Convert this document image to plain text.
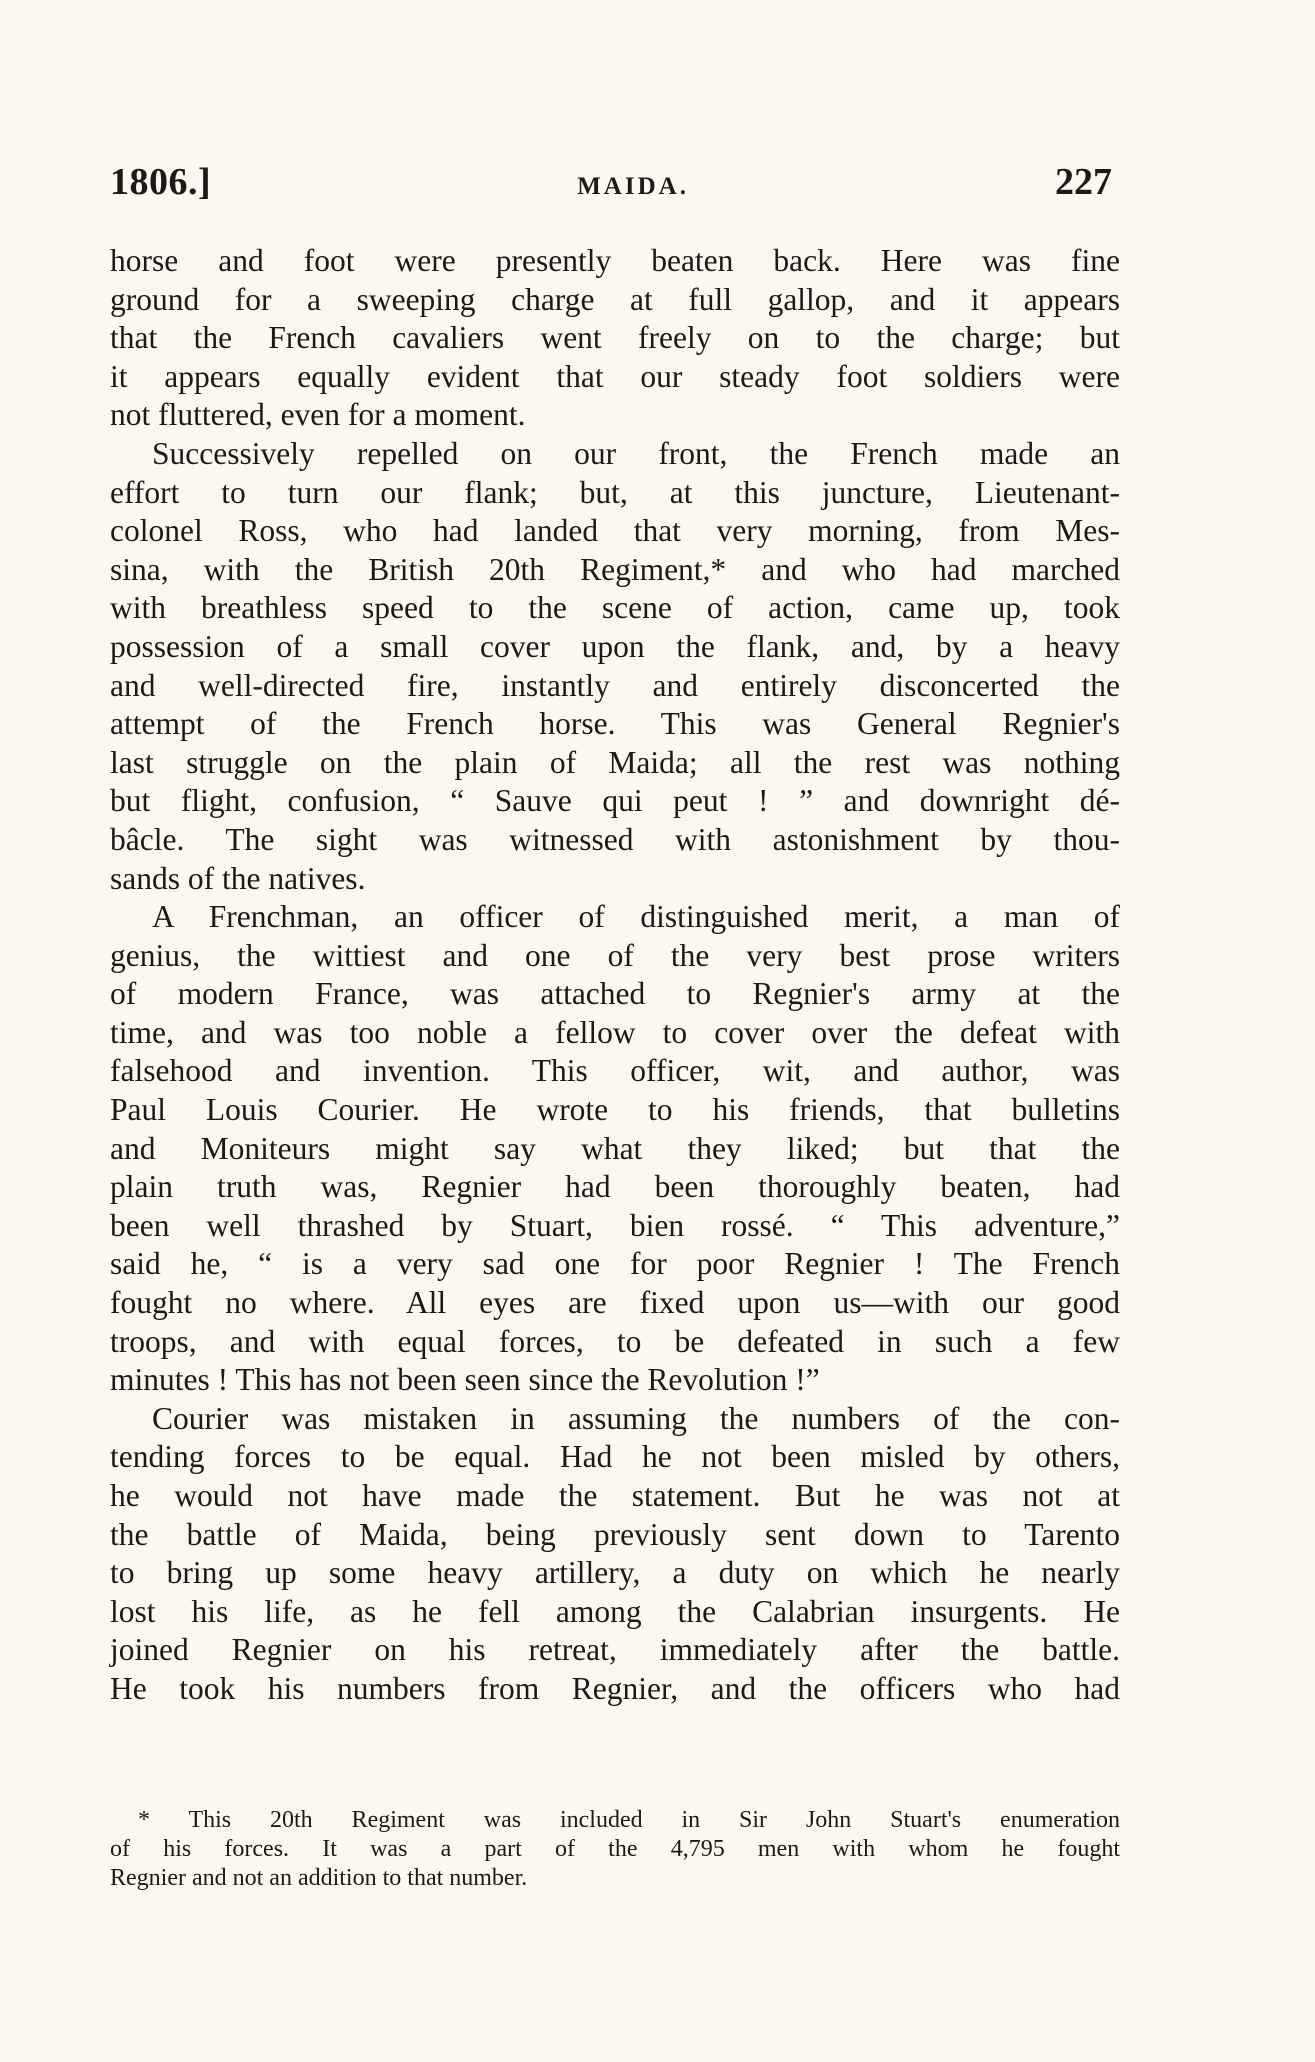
1806.]	MAIDA.	227
horse and foot were presently beaten back. Here was fine
ground for a sweeping charge at full gallop, and it appears
that the French cavaliers went freely on to the charge; but
it appears equally evident that our steady foot soldiers were
not fluttered, even for a moment.
Successively repelled on our front, the French made an
effort to turn our flank; but, at this juncture, Lieutenant-
colonel Ross, who had landed that very morning, from Mes-
sina, with the British 20th Regiment,* and who had marched
with breathless speed to the scene of action, came up, took
possession of a small cover upon the flank, and, by a heavy
and well-directed fire, instantly and entirely disconcerted the
attempt of the French horse. This was General Regnier's
last struggle on the plain of Maida; all the rest was nothing
but flight, confusion, “ Sauve qui peut ! ” and downright dé-
bâcle. The sight was witnessed with astonishment by thou-
sands of the natives.
A Frenchman, an officer of distinguished merit, a man of
genius, the wittiest and one of the very best prose writers
of modern France, was attached to Regnier's army at the
time, and was too noble a fellow to cover over the defeat with
falsehood and invention. This officer, wit, and author, was
Paul Louis Courier. He wrote to his friends, that bulletins
and Moniteurs might say what they liked; but that the
plain truth was, Regnier had been thoroughly beaten, had
been well thrashed by Stuart, bien rossé. “ This adventure,”
said he, “ is a very sad one for poor Regnier ! The French
fought no where. All eyes are fixed upon us—with our good
troops, and with equal forces, to be defeated in such a few
minutes ! This has not been seen since the Revolution !”
Courier was mistaken in assuming the numbers of the con-
tending forces to be equal. Had he not been misled by others,
he would not have made the statement. But he was not at
the battle of Maida, being previously sent down to Tarento
to bring up some heavy artillery, a duty on which he nearly
lost his life, as he fell among the Calabrian insurgents. He
joined Regnier on his retreat, immediately after the battle.
He took his numbers from Regnier, and the officers who had
* This 20th Regiment was included in Sir John Stuart's enumeration
of his forces. It was a part of the 4,795 men with whom he fought
Regnier and not an addition to that number.
